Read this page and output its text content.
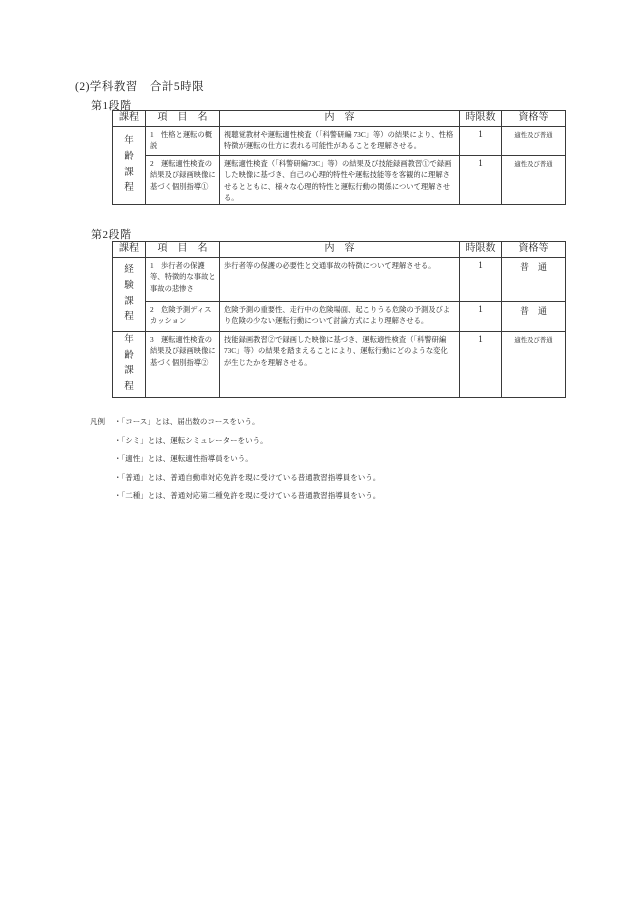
(2)学科教習　合計5時限
第1段階
課程	項　目　名	内　容	時限数	資格等

年齢課程	1　性格と運転の概説	視聴覚教材や運転適性検査（「科警研編 73C」等）の結果により、性格特徴が運転の仕方に表れる可能性があることを理解させる。	1	適性及び普通
	2　運転適性検査の結果及び録画映像に基づく個別指導①	運転適性検査（「科警研編73C」等）の結果及び技能録画教習①で録画した映像に基づき、自己の心理的特性や運転技能等を客観的に理解させるとともに、様々な心理的特性と運転行動の関係について理解させる。	1	適性及び普通
第2段階
課程	項　目　名	内　容	時限数	資格等

経験課程	1　歩行者の保護等、特徴的な事故と事故の悲惨さ	歩行者等の保護の必要性と交通事故の特徴について理解させる。	1	普　通
	2　危険予測ディスカッション	危険予測の重要性、走行中の危険場面、起こりうる危険の予測及びより危険の少ない運転行動について討論方式により理解させる。	1	普　通

年齢課程	3　運転適性検査の結果及び録画映像に基づく個別指導②	技能録画教習②で録画した映像に基づき、運転適性検査（「科警研編73C」等）の結果を踏まえることにより、運転行動にどのような変化が生じたかを理解させる。	1	適性及び普通
凡例	・「コース」とは、届出数のコースをいう。
・「シミ」とは、運転シミュレーターをいう。
・「適性」とは、運転適性指導員をいう。
・「普通」とは、普通自動車対応免許を現に受けている普通教習指導員をいう。
・「二種」とは、普通対応第二種免許を現に受けている普通教習指導員をいう。
